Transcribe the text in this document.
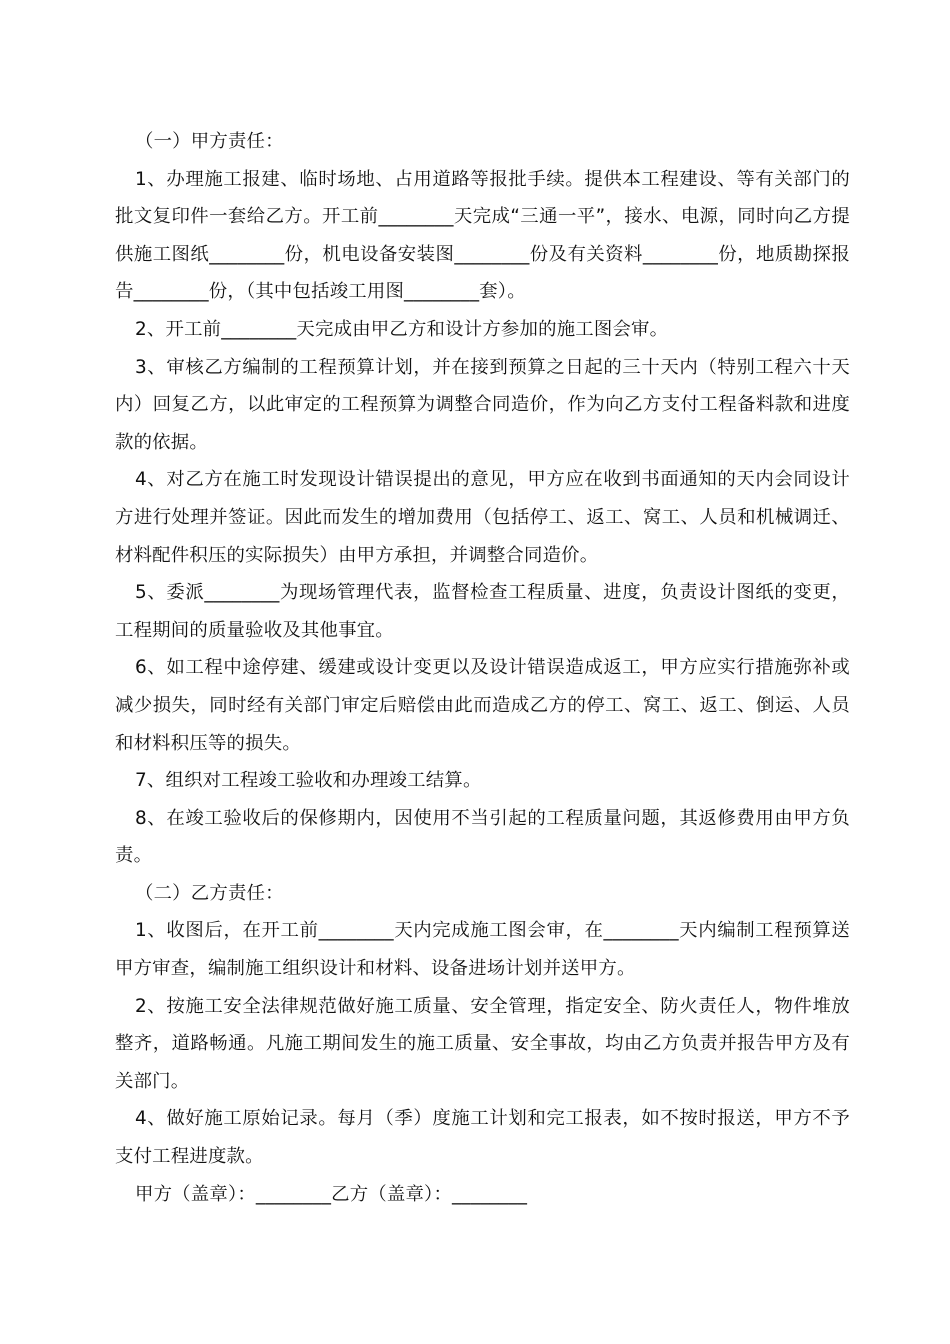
（一）甲方责任：

1、办理施工报建、临时场地、占用道路等报批手续。提供本工程建设、等有关部门的批文复印件一套给乙方。开工前________天完成“三通一平”，接水、电源，同时向乙方提供施工图纸________份，机电设备安装图________份及有关资料________份，地质勘探报告________份，（其中包括竣工用图________套）。

2、开工前________天完成由甲乙方和设计方参加的施工图会审。

3、审核乙方编制的工程预算计划，并在接到预算之日起的三十天内（特别工程六十天内）回复乙方，以此审定的工程预算为调整合同造价，作为向乙方支付工程备料款和进度款的依据。

4、对乙方在施工时发现设计错误提出的意见，甲方应在收到书面通知的天内会同设计方进行处理并签证。因此而发生的增加费用（包括停工、返工、窝工、人员和机械调迁、材料配件积压的实际损失）由甲方承担，并调整合同造价。

5、委派________为现场管理代表，监督检查工程质量、进度，负责设计图纸的变更，工程期间的质量验收及其他事宜。

6、如工程中途停建、缓建或设计变更以及设计错误造成返工，甲方应实行措施弥补或减少损失，同时经有关部门审定后赔偿由此而造成乙方的停工、窝工、返工、倒运、人员和材料积压等的损失。

7、组织对工程竣工验收和办理竣工结算。

8、在竣工验收后的保修期内，因使用不当引起的工程质量问题，其返修费用由甲方负责。

（二）乙方责任：

1、收图后，在开工前________天内完成施工图会审，在________天内编制工程预算送甲方审查，编制施工组织设计和材料、设备进场计划并送甲方。

2、按施工安全法律规范做好施工质量、安全管理，指定安全、防火责任人，物件堆放整齐，道路畅通。凡施工期间发生的施工质量、安全事故，均由乙方负责并报告甲方及有关部门。

4、做好施工原始记录。每月（季）度施工计划和完工报表，如不按时报送，甲方不予支付工程进度款。

甲方（盖章）：________乙方（盖章）：________
